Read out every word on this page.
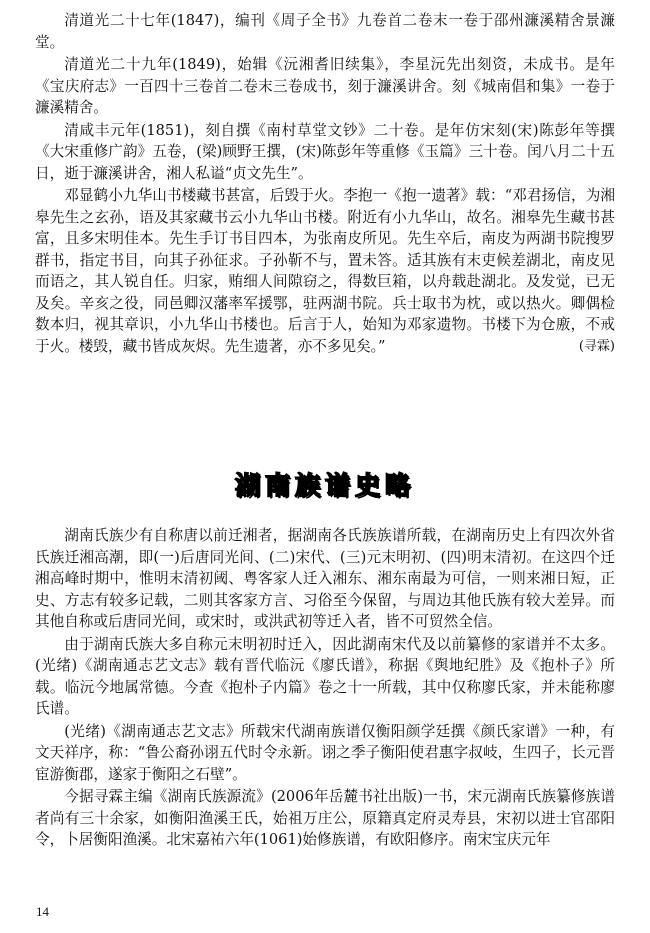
清道光二十七年(1847)，编刊《周子全书》九卷首二卷末一卷于邵州濂溪精舍景濂堂。

清道光二十九年(1849)，始辑《沅湘耆旧续集》，李星沅先出刻资，未成书。是年《宝庆府志》一百四十三卷首二卷末三卷成书，刻于濂溪讲舍。刻《城南倡和集》一卷于濂溪精舍。

清咸丰元年(1851)，刻自撰《南村草堂文钞》二十卷。是年仿宋刻(宋)陈彭年等撰《大宋重修广韵》五卷，(梁)顾野王撰，(宋)陈彭年等重修《玉篇》三十卷。闰八月二十五日，逝于濂溪讲舍，湘人私谥“贞文先生”。

邓显鹤小九华山书楼藏书甚富，后毁于火。李抱一《抱一遗著》载：“邓君扬信，为湘皋先生之玄孙，语及其家藏书云小九华山书楼。附近有小九华山，故名。湘皋先生藏书甚富，且多宋明佳本。先生手订书目四本，为张南皮所见。先生卒后，南皮为两湖书院搜罗群书，指定书目，向其子孙征求。子孙靳不与，置未答。适其族有末吏候差湖北，南皮见而语之，其人锐自任。归家，贿细人间隙窃之，得数巨箱，以舟载赴湖北。及发觉，已无及矣。辛亥之役，同邑卿汉藩率军援鄂，驻两湖书院。兵士取书为枕，或以热火。卿偶检数本归，视其章识，小九华山书楼也。后言于人，始知为邓家遗物。书楼下为仓廒，不戒于火。楼毁，藏书皆成灰烬。先生遗著，亦不多见矣。”	(寻霖)

湖南族谱史略

湖南氏族少有自称唐以前迁湘者，据湖南各氏族族谱所载，在湖南历史上有四次外省氏族迁湘高潮，即(一)后唐同光间、(二)宋代、(三)元末明初、(四)明末清初。在这四个迁湘高峰时期中，惟明末清初阈、粤客家人迁入湘东、湘东南最为可信，一则来湘日短，正史、方志有较多记载，二则其客家方言、习俗至今保留，与周边其他氏族有较大差异。而其他自称或后唐同光间，或宋时，或洪武初等迁入者，皆不可贸然全信。

由于湖南氏族大多自称元末明初时迁入，因此湖南宋代及以前纂修的家谱并不太多。(光绪)《湖南通志艺文志》载有晋代临沅《廖氏谱》，称据《舆地纪胜》及《抱朴子》所载。临沅今地属常德。今查《抱朴子内篇》卷之十一所载，其中仅称廖氏家，并未能称廖氏谱。

(光绪)《湖南通志艺文志》所载宋代湖南族谱仅衡阳颜学廷撰《颜氏家谱》一种，有文天祥序，称：“鲁公裔孙诩五代时令永新。诩之季子衡阳使君惠字叔岐，生四子，长元晋宦游衡郡，遂家于衡阳之石壁”。

今据寻霖主编《湖南氏族源流》(2006年岳麓书社出版)一书，宋元湖南氏族纂修族谱者尚有三十余家，如衡阳渔溪王氏，始祖万庄公，原籍真定府灵寿县，宋初以进士官邵阳令，卜居衡阳渔溪。北宋嘉祐六年(1061)始修族谱，有欧阳修序。南宋宝庆元年

14
